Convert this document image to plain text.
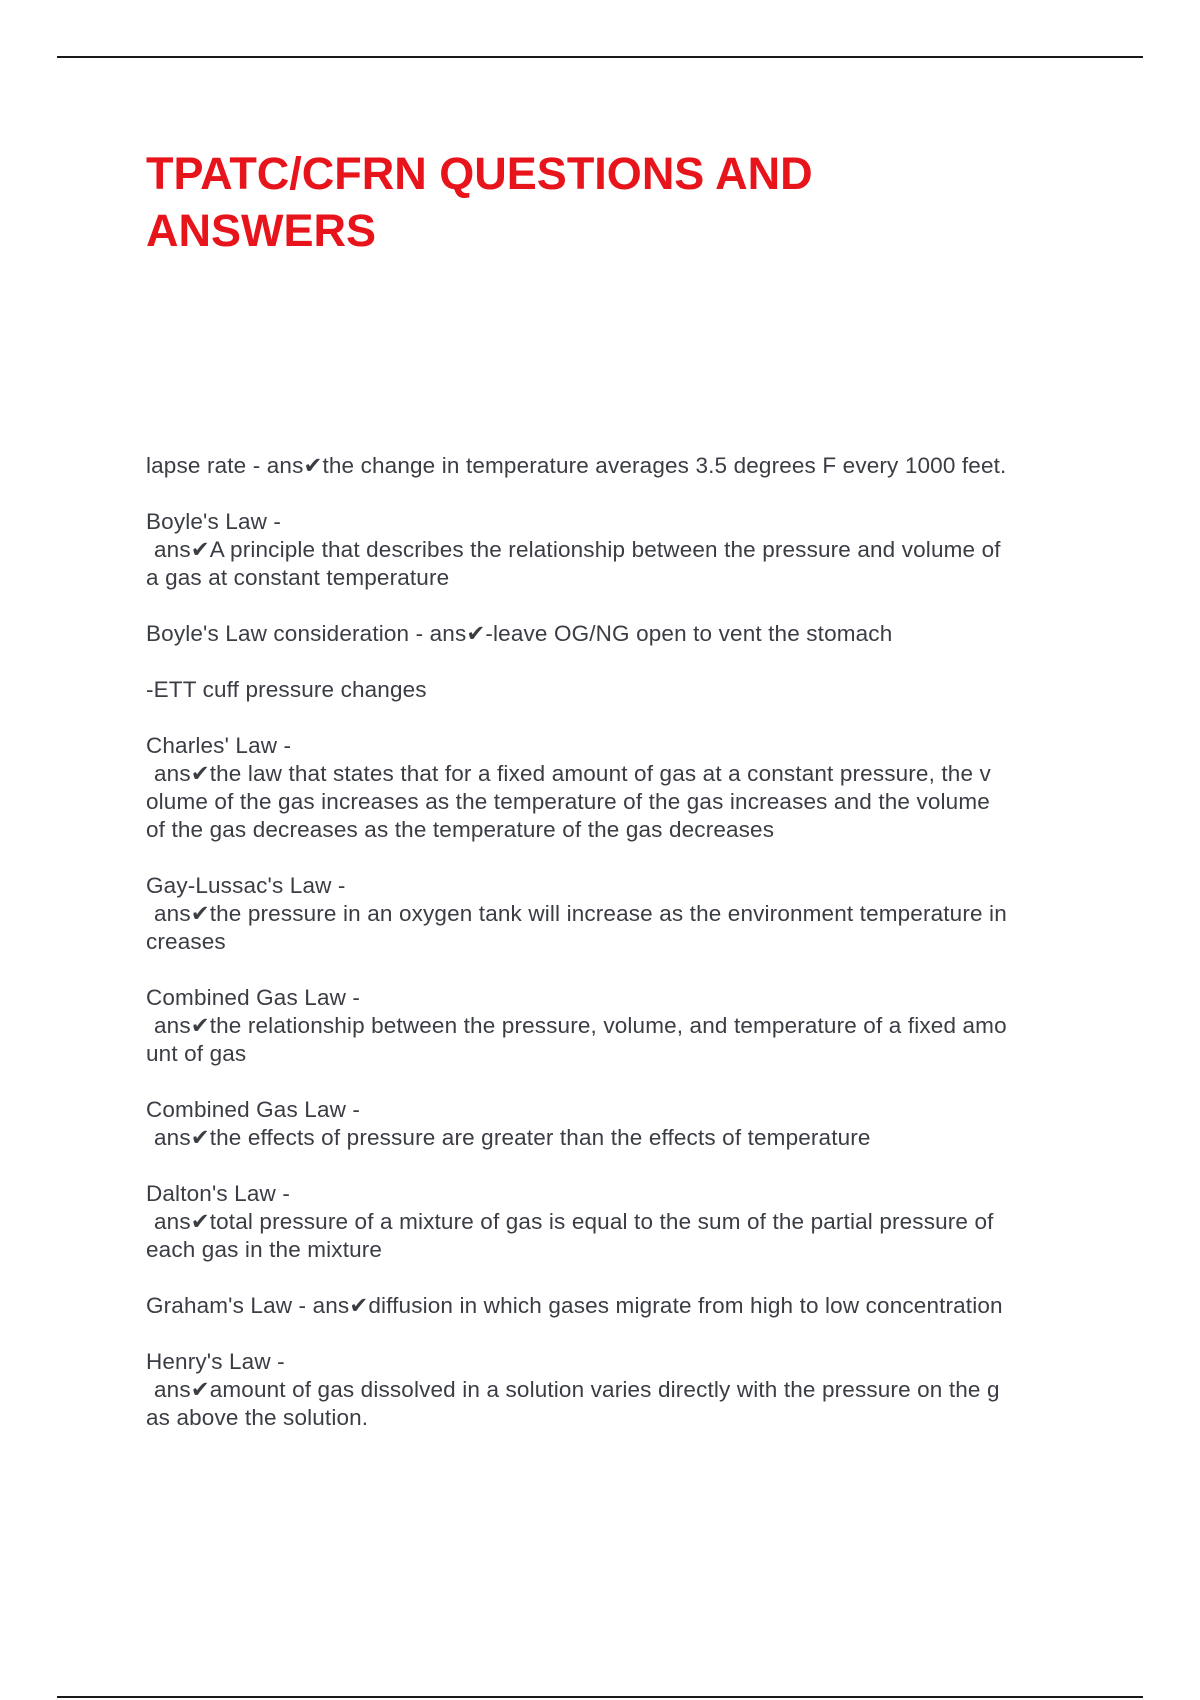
TPATC/CFRN QUESTIONS AND ANSWERS

lapse rate - ans✔the change in temperature averages 3.5 degrees F every 1000 feet.

Boyle's Law -
ans✔A principle that describes the relationship between the pressure and volume of
a gas at constant temperature

Boyle's Law consideration - ans✔-leave OG/NG open to vent the stomach

-ETT cuff pressure changes

Charles' Law -
ans✔the law that states that for a fixed amount of gas at a constant pressure, the v
olume of the gas increases as the temperature of the gas increases and the volume
of the gas decreases as the temperature of the gas decreases

Gay-Lussac's Law -
ans✔the pressure in an oxygen tank will increase as the environment temperature in
creases

Combined Gas Law -
ans✔the relationship between the pressure, volume, and temperature of a fixed amo
unt of gas

Combined Gas Law -
ans✔the effects of pressure are greater than the effects of temperature

Dalton's Law -
ans✔total pressure of a mixture of gas is equal to the sum of the partial pressure of
each gas in the mixture

Graham's Law - ans✔diffusion in which gases migrate from high to low concentration

Henry's Law -
ans✔amount of gas dissolved in a solution varies directly with the pressure on the g
as above the solution.
